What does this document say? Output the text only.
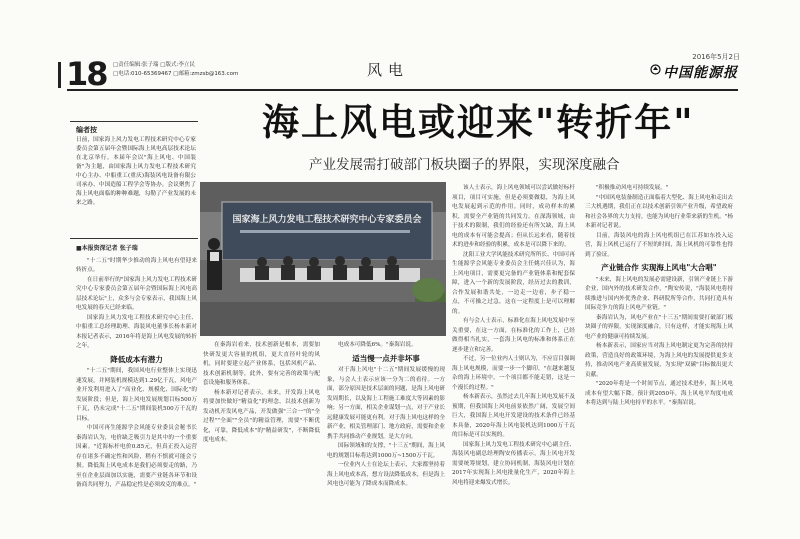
2016年5月2日
18 □责任编辑:张子瑞 □版式:李立民
□电话:010-65369467 □邮箱:zmzsb@163.com	风电	中国能源报
编者按
日前，国家海上风力发电工程技术研究中心专家委员会第五届年会暨国际海上风电高层技术论坛在北京举行。本届年会以"海上风电、中国装备"为主题，由国家海上风力发电工程技术研究中心主办、中船重工(重庆)海装风电设备有限公司承办、中国造船工程学会等协办。会议聚焦了海上风电面临的种种难题，勾勒了产业发展的未来之路。
海上风电或迎来"转折年"
产业发展需打破部门板块圈子的界限，实现深度融合
■本报资深记者 张子瑞

"十二五"时期华少推动的海上风电有望迎来转折点。

在日前举行的"国家海上风力发电工程技术研究中心专家委员会第五届年会暨国际海上风电高层技术论坛"上，众多与会专家表示，我国海上风电发展的春天已经来临。

国家海上风力发电工程技术研究中心主任、中船重工总经理助理、海装风电董事长杨本新对本报记者表示，2016年将是海上风电发展的转折之年。

降低成本有潜力

"十二五"期间，我国风电行业整体上实现迅速发展，并网装机规模达到1.29亿千瓦，风电产业开发利用进入了"高业化、规模化、国际化"的发展阶段；但是，海上风电发展规划目标500万千瓦，仍未完成"十二五"期间装机500万千瓦的目标。

中国可再生能源学会风能专业委员会秘书长秦海岩认为，电价缺乏吸引力是其中的一个重要因素。"近海标杆电价0.85元，但真正投入运营存在诸多不确定性和风险，稍有不慎就可能会亏损。降低海上风电成本是我们必须要走的路，乃至在企业层面加以实施，需要产业链各环节和设备商共同努力，产品稳定性是必须攻克的难点。"

国家海上风力发电工程技术研究中心专家委员会

在秦海岩看来，技术创新是根本，需要加快研发更大容量的机组，更大直径叶轮的风机，同时要建立起产业体系，包括风机产品、技术创新机制等，此外，要有完善的政策与配套设施和服务体系。

杨本新对记者表示，未来，开发海上风电将要加快做好"精益化"的理念，以技术创新为发动机开发风电产品，开发做强"三合一"的"全过程""全面""全员"的精益管理，需要"不断优化，可靠，降低成本"的"精益研发"，不断降低度电成本。

电成本可降低6%。"秦海岩说。

适当慢一点并非坏事

对于海上风电"十二五"期间发展缓慢的现象，与会人士表示应该一分为二的看待。一方面，部分原因是技术层面的问题，是海上风电研发周期长，以及海上工程施工难度大等因素的影响；另一方面，相关企业谋划一点，对于产业长远健康发展可能更有利。对于海上风电这样的全新产业，相关管理部门、地方政府，需要和企业携手共同推动产业规划，是大方向。

国际领域和的支撑，"十三五"期间，海上风电的规划目标将达到1000万~1500万千瓦。

一位业内人士在论坛上表示，大家都坚持着海上风电成本高，想方设法降低成本，但是海上风电也可能为了降成本而降成本。

该人士表示，海上风电领域可以尝试做好标杆项目，项目可实施，但是必须要做稳，为海上风电发展起到示范的作用。同时，成功样本的累积，需要全产业链的共同发力。在深海领域，由于技术的限制，我们的经验还有所欠缺，海上风电的成本有可能会提高；但从长远来看，随着技术的进步和经验的积累，成本是可以降下来的。

沈阳工业大学风能技术研究所所长、中国可再生能源学会风能专业委员会主任姚兴佳认为，海上风电项目，需要更完备的产业链体系和配套保障，进入一个新的发展阶段，经历过去的教训，合作发展和谐共处，一边走一边看，步子稳一点，不可操之过急，这在一定程度上是可以理解的。

有与会人士表示，标准化在海上风电发展中至关重要，在这一方面，在标准化的工作上，已经做得相当扎实，一套海上风电的标准和体系正在逐步建立和完善。

不过，另一位业内人士则认为，不应盲目强调海上风电规模，而要一步一个脚印，"在越来越复杂的海上环境中，一个项目都不能走错，这是一个漫长的过程。"

杨本新表示，虽然过去几年海上风电发展不及预期，但我国海上风电前景依然广阔，发展空间巨大，我国海上风电开发建设的技术条件已经基本具备，2020年海上风电装机达到1000万千瓦的目标是可以实现的。

国家海上风力发电工程技术研究中心副主任、海装风电副总经理陶安传播表示，海上风电开发需要统筹规划，建立协同机制，海装风电计划在2017年实现海上风电批量化生产，2020年海上风电将迎来爆发式增长。

"积极推动风电可持续发展。"

"中国风电装备制造正面临着大型化、海上风电和走出去三大机遇期，我们正在以技术创新引领产业升级，希望政府和社会各界的大力支持，也能为风电行业带来新的生机。"杨本新对记者说。

目前，海装风电的海上风电机组已在江苏如东投入运营，海上风机已运行了不短的时间，海上风机的可靠性也得到了验证。

产业链合作 实现海上风电"大合唱"

"未来，海上风电的发展必需建设新，引领产业链上下游企业，国内外的技术研发合作，"陶安传说，"海装风电将持续推进与国内外优秀企业、科研院所等合作，共同打造具有国际竞争力的海上风电产业链。"

秦海岩认为，风电产业在"十三五"期间需要打破部门板块圈子的界限，实现深度融合，只有这样，才能实现海上风电产业的健康可持续发展。

杨本新表示，国家应当对海上风电制定更为完善的扶持政策，营造良好的政策环境，为海上风电的发展提供更多支持，推动风电产业高质量发展，为实现"双碳"目标做出更大贡献。

"2020年将是一个时间节点，通过技术进步，海上风电成本有望大幅下降。预计到2050年，海上风电平均度电成本将达到与陆上风电持平的水平。"秦海岩说。
